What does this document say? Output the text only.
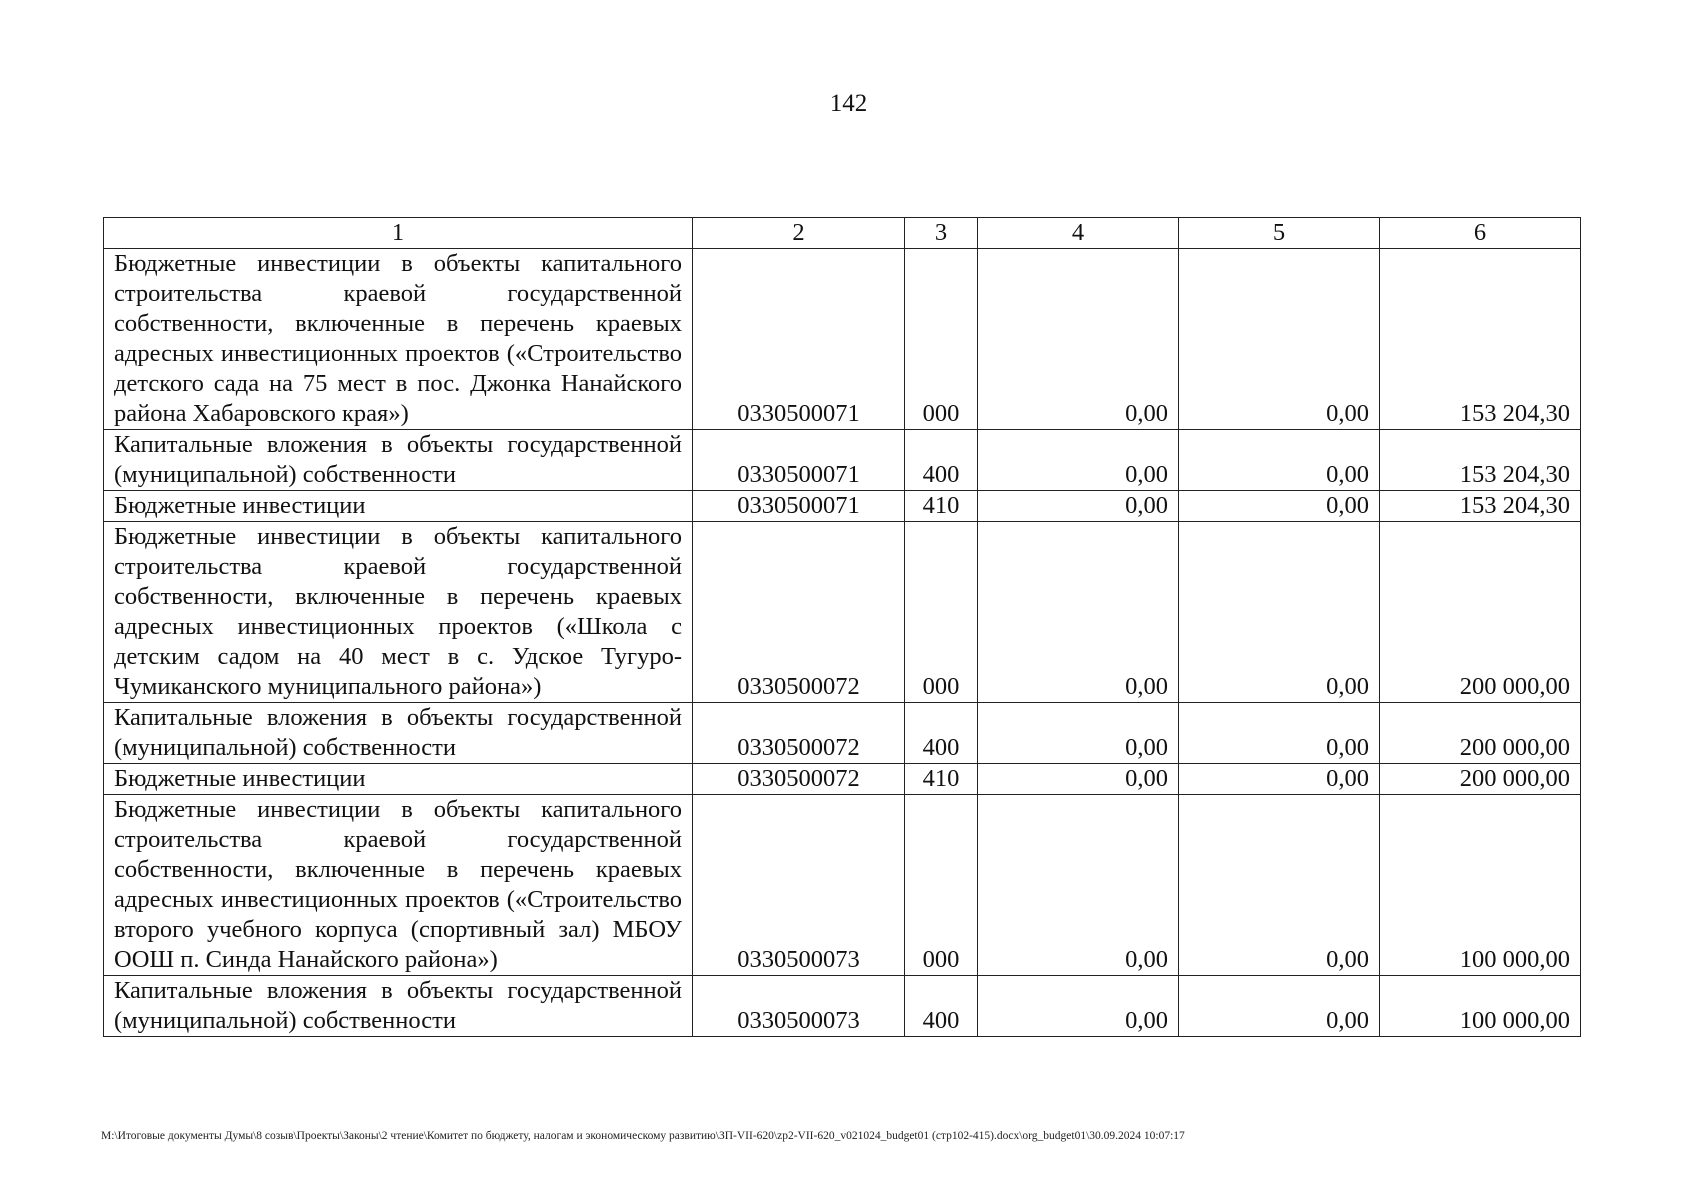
142
1	2	3	4	5	6
Бюджетные инвестиции в объекты капитального строительства краевой государственной собственности, включенные в перечень краевых адресных инвестиционных проектов («Строительство детского сада на 75 мест в пос. Джонка Нанайского района Хабаровского края»)	0330500071	000	0,00	0,00	153 204,30
Капитальные вложения в объекты государственной (муниципальной) собственности	0330500071	400	0,00	0,00	153 204,30
Бюджетные инвестиции	0330500071	410	0,00	0,00	153 204,30
Бюджетные инвестиции в объекты капитального строительства краевой государственной собственности, включенные в перечень краевых адресных инвестиционных проектов («Школа с детским садом на 40 мест в с. Удское Тугуро-Чумиканского муниципального района»)	0330500072	000	0,00	0,00	200 000,00
Капитальные вложения в объекты государственной (муниципальной) собственности	0330500072	400	0,00	0,00	200 000,00
Бюджетные инвестиции	0330500072	410	0,00	0,00	200 000,00
Бюджетные инвестиции в объекты капитального строительства краевой государственной собственности, включенные в перечень краевых адресных инвестиционных проектов («Строительство второго учебного корпуса (спортивный зал) МБОУ ООШ п. Синда Нанайского района»)	0330500073	000	0,00	0,00	100 000,00
Капитальные вложения в объекты государственной (муниципальной) собственности	0330500073	400	0,00	0,00	100 000,00
M:\Итоговые документы Думы\8 созыв\Проекты\Законы\2 чтение\Комитет по бюджету, налогам и экономическому развитию\ЗП-VII-620\zp2-VII-620_v021024_budget01 (стр102-415).docx\org_budget01\30.09.2024 10:07:17
